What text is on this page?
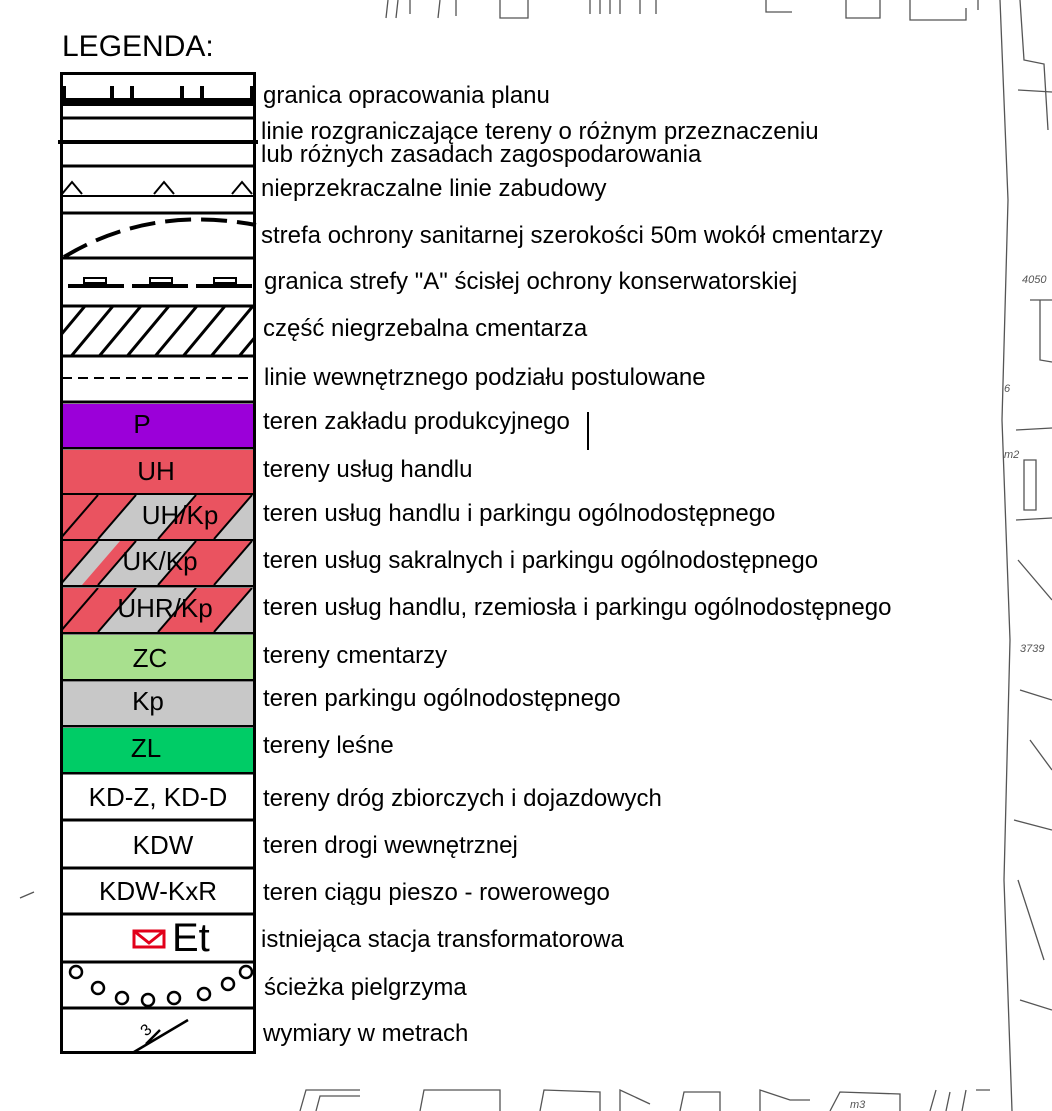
4050
3739
m2
m3
6
LEGENDA:
3
P
UH
UH/Kp
UK/Kp
UHR/Kp
ZC
Kp
ZL
KD-Z, KD-D
KDW
KDW-KxR
Et
granica opracowania planu
linie rozgraniczające tereny o różnym przeznaczeniu
lub różnych zasadach zagospodarowania
nieprzekraczalne linie zabudowy
strefa ochrony sanitarnej szerokości 50m wokół cmentarzy
granica strefy "A" ścisłej ochrony konserwatorskiej
część niegrzebalna cmentarza
linie wewnętrznego podziału postulowane
teren zakładu produkcyjnego
tereny usług handlu
teren usług handlu i parkingu ogólnodostępnego
teren usług sakralnych i parkingu ogólnodostępnego
teren usług handlu, rzemiosła i parkingu ogólnodostępnego
tereny cmentarzy
teren parkingu ogólnodostępnego
tereny leśne
tereny dróg zbiorczych i dojazdowych
teren drogi wewnętrznej
teren ciągu pieszo - rowerowego
istniejąca stacja transformatorowa
ścieżka pielgrzyma
wymiary w metrach
